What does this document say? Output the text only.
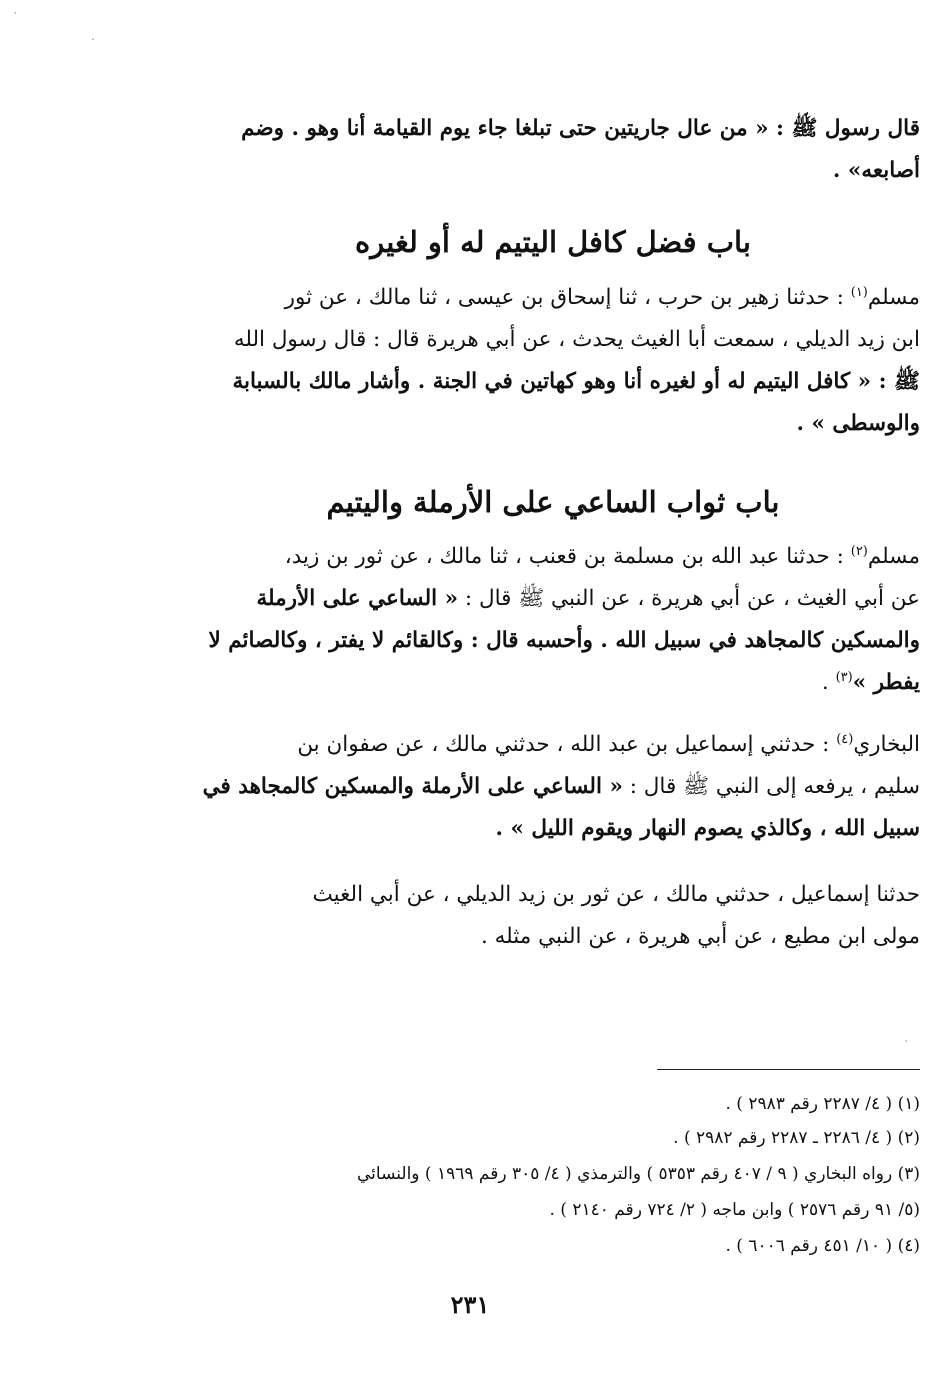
قال رسول ﷺ : « من عال جاريتين حتى تبلغا جاء يوم القيامة أنا وهو . وضم
أصابعه» .
باب فضل كافل اليتيم له أو لغيره
مسلم$^{(١)}$ : حدثنا زهير بن حرب ، ثنا إسحاق بن عيسى ، ثنا مالك ، عن ثور
ابن زيد الديلي ، سمعت أبا الغيث يحدث ، عن أبي هريرة قال : قال رسول الله
ﷺ : « كافل اليتيم له أو لغيره أنا وهو كهاتين في الجنة . وأشار مالك بالسبابة
والوسطى » .
باب ثواب الساعي على الأرملة واليتيم
مسلم$^{(٢)}$ : حدثنا عبد الله بن مسلمة بن قعنب ، ثنا مالك ، عن ثور بن زيد،
عن أبي الغيث ، عن أبي هريرة ، عن النبي ﷺ قال : « الساعي على الأرملة
والمسكين كالمجاهد في سبيل الله . وأحسبه قال : وكالقائم لا يفتر ، وكالصائم لا
يفطر »$^{(٣)}$ .
البخاري$^{(٤)}$ : حدثني إسماعيل بن عبد الله ، حدثني مالك ، عن صفوان بن
سليم ، يرفعه إلى النبي ﷺ قال : « الساعي على الأرملة والمسكين كالمجاهد في
سبيل الله ، وكالذي يصوم النهار ويقوم الليل » .
حدثنا إسماعيل ، حدثني مالك ، عن ثور بن زيد الديلي ، عن أبي الغيث
مولى ابن مطيع ، عن أبي هريرة ، عن النبي مثله .
(١) ( ٤/ ٢٢٨٧ رقم ٢٩٨٣ ) .
(٢) ( ٤/ ٢٢٨٦ ـ ٢٢٨٧ رقم ٢٩٨٢ ) .
(٣) رواه البخاري ( ٩ / ٤٠٧ رقم ٥٣٥٣ ) والترمذي ( ٤/ ٣٠٥ رقم ١٩٦٩ ) والنسائي
(٥/ ٩١ رقم ٢٥٧٦ ) وابن ماجه ( ٢/ ٧٢٤ رقم ٢١٤٠ ) .
(٤) ( ١٠/ ٤٥١ رقم ٦٠٠٦ ) .
٢٣١
